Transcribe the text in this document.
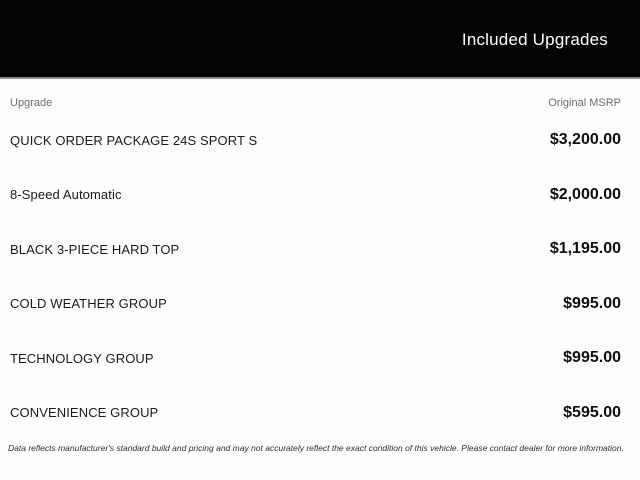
Included Upgrades
Upgrade	Original MSRP
QUICK ORDER PACKAGE 24S SPORT S	$3,200.00
8-Speed Automatic	$2,000.00
BLACK 3-PIECE HARD TOP	$1,195.00
COLD WEATHER GROUP	$995.00
TECHNOLOGY GROUP	$995.00
CONVENIENCE GROUP	$595.00
Data reflects manufacturer's standard build and pricing and may not accurately reflect the exact condition of this vehicle. Please contact dealer for more information.
